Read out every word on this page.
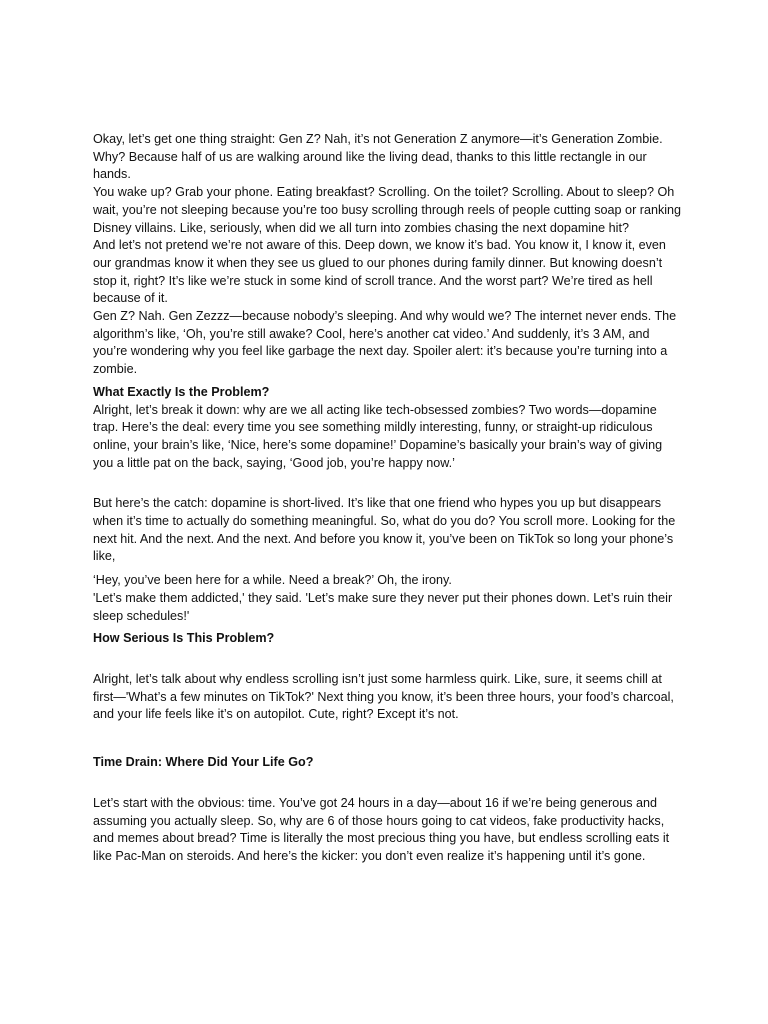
Okay, let’s get one thing straight: Gen Z? Nah, it’s not Generation Z anymore—it’s Generation Zombie. Why? Because half of us are walking around like the living dead, thanks to this little rectangle in our hands.

You wake up? Grab your phone. Eating breakfast? Scrolling. On the toilet? Scrolling. About to sleep? Oh wait, you’re not sleeping because you’re too busy scrolling through reels of people cutting soap or ranking Disney villains. Like, seriously, when did we all turn into zombies chasing the next dopamine hit?

And let’s not pretend we’re not aware of this. Deep down, we know it’s bad. You know it, I know it, even our grandmas know it when they see us glued to our phones during family dinner. But knowing doesn’t stop it, right? It’s like we’re stuck in some kind of scroll trance. And the worst part? We’re tired as hell because of it.

Gen Z? Nah. Gen Zezzz—because nobody’s sleeping. And why would we? The internet never ends. The algorithm’s like, ‘Oh, you’re still awake? Cool, here’s another cat video.’ And suddenly, it’s 3 AM, and you’re wondering why you feel like garbage the next day. Spoiler alert: it’s because you’re turning into a zombie.

What Exactly Is the Problem?

Alright, let’s break it down: why are we all acting like tech-obsessed zombies? Two words—dopamine trap. Here’s the deal: every time you see something mildly interesting, funny, or straight-up ridiculous online, your brain’s like, ‘Nice, here’s some dopamine!’ Dopamine’s basically your brain’s way of giving you a little pat on the back, saying, ‘Good job, you’re happy now.’

But here’s the catch: dopamine is short-lived. It’s like that one friend who hypes you up but disappears when it’s time to actually do something meaningful. So, what do you do? You scroll more. Looking for the next hit. And the next. And the next. And before you know it, you’ve been on TikTok so long your phone’s like,

‘Hey, you’ve been here for a while. Need a break?’ Oh, the irony.

'Let’s make them addicted,' they said. 'Let’s make sure they never put their phones down. Let’s ruin their sleep schedules!'

How Serious Is This Problem?

Alright, let’s talk about why endless scrolling isn’t just some harmless quirk. Like, sure, it seems chill at first—'What’s a few minutes on TikTok?' Next thing you know, it’s been three hours, your food’s charcoal, and your life feels like it’s on autopilot. Cute, right? Except it’s not.

Time Drain: Where Did Your Life Go?

Let’s start with the obvious: time. You’ve got 24 hours in a day—about 16 if we’re being generous and assuming you actually sleep. So, why are 6 of those hours going to cat videos, fake productivity hacks, and memes about bread? Time is literally the most precious thing you have, but endless scrolling eats it like Pac-Man on steroids. And here’s the kicker: you don’t even realize it’s happening until it’s gone.
